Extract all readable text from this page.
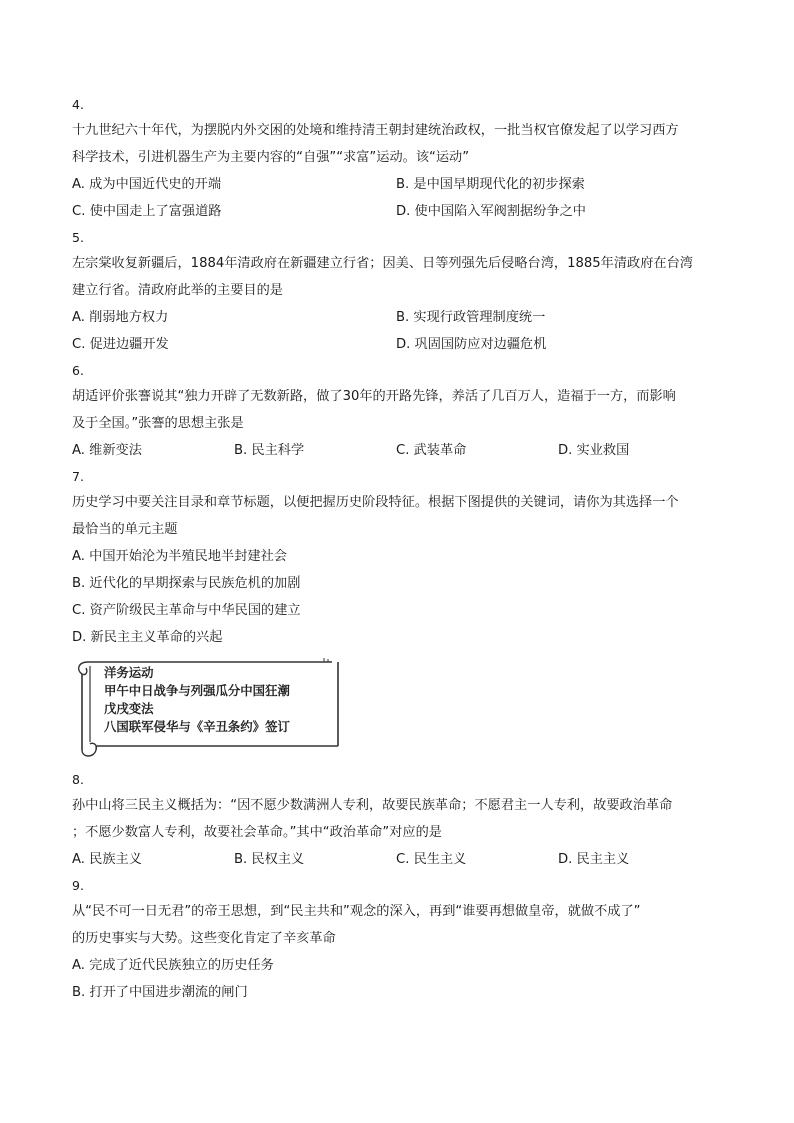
4.
十九世纪六十年代，为摆脱内外交困的处境和维持清王朝封建统治政权，一批当权官僚发起了以学习西方
科学技术，引进机器生产为主要内容的“自强”“求富”运动。该“运动”
A. 成为中国近代史的开端	B. 是中国早期现代化的初步探索
C. 使中国走上了富强道路	D. 使中国陷入军阀割据纷争之中
5.
左宗棠收复新疆后，1884年清政府在新疆建立行省；因美、日等列强先后侵略台湾，1885年清政府在台湾
建立行省。清政府此举的主要目的是
A. 削弱地方权力	B. 实现行政管理制度统一
C. 促进边疆开发	D. 巩固国防应对边疆危机
6.
胡适评价张謇说其“独力开辟了无数新路，做了30年的开路先锋，养活了几百万人，造福于一方，而影响
及于全国。”张謇的思想主张是
A. 维新变法	B. 民主科学	C. 武装革命	D. 实业救国
7.
历史学习中要关注目录和章节标题，以便把握历史阶段特征。根据下图提供的关键词，请你为其选择一个
最恰当的单元主题
A. 中国开始沦为半殖民地半封建社会
B. 近代化的早期探索与民族危机的加剧
C. 资产阶级民主革命与中华民国的建立
D. 新民主主义革命的兴起
洋务运动
甲午中日战争与列强瓜分中国狂潮
戊戌变法
八国联军侵华与《辛丑条约》签订
8.
孙中山将三民主义概括为：“因不愿少数满洲人专利，故要民族革命；不愿君主一人专利，故要政治革命
；不愿少数富人专利，故要社会革命。”其中“政治革命”对应的是
A. 民族主义	B. 民权主义	C. 民生主义	D. 民主主义
9.
从“民不可一日无君”的帝王思想，到“民主共和”观念的深入，再到“谁要再想做皇帝，就做不成了”
的历史事实与大势。这些变化肯定了辛亥革命
A. 完成了近代民族独立的历史任务
B. 打开了中国进步潮流的闸门
